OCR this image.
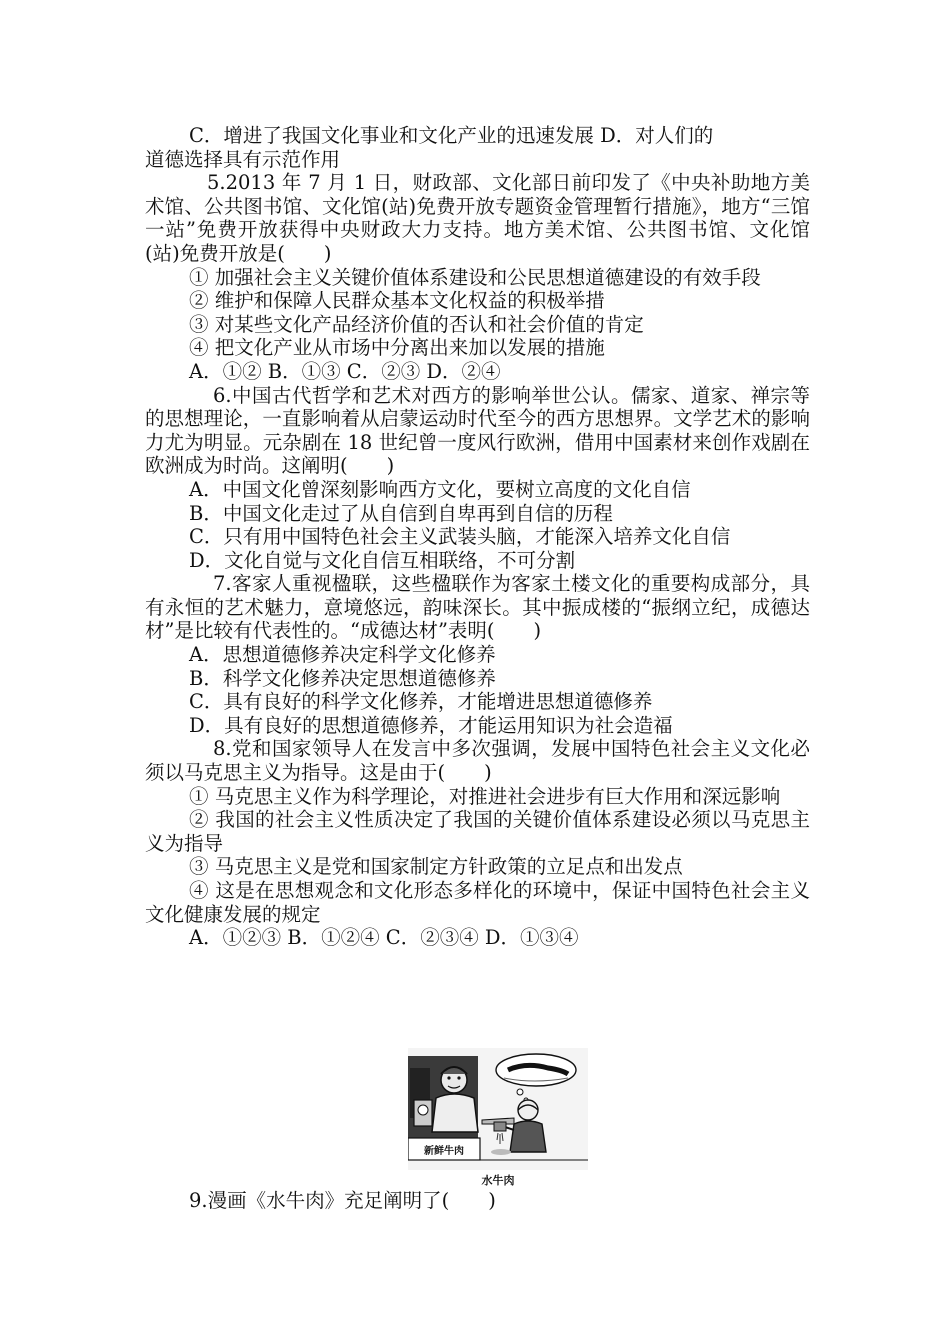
C．增进了我国文化事业和文化产业的迅速发展 D．对人们的

道德选择具有示范作用

5.2013 年 7 月 1 日，财政部、文化部日前印发了《中央补助地方美术馆、公共图书馆、文化馆(站)免费开放专题资金管理暂行措施》，地方“三馆一站”免费开放获得中央财政大力支持。地方美术馆、公共图书馆、文化馆(站)免费开放是(　　)

① 加强社会主义关键价值体系建设和公民思想道德建设的有效手段

② 维护和保障人民群众基本文化权益的积极举措

③ 对某些文化产品经济价值的否认和社会价值的肯定

④ 把文化产业从市场中分离出来加以发展的措施

A．①② B．①③ C．②③ D．②④

6.中国古代哲学和艺术对西方的影响举世公认。儒家、道家、禅宗等的思想理论，一直影响着从启蒙运动时代至今的西方思想界。文学艺术的影响力尤为明显。元杂剧在 18 世纪曾一度风行欧洲，借用中国素材来创作戏剧在欧洲成为时尚。这阐明(　　)

A．中国文化曾深刻影响西方文化，要树立高度的文化自信

B．中国文化走过了从自信到自卑再到自信的历程

C．只有用中国特色社会主义武装头脑，才能深入培养文化自信

D．文化自觉与文化自信互相联络，不可分割

7.客家人重视楹联，这些楹联作为客家土楼文化的重要构成部分，具有永恒的艺术魅力，意境悠远，韵味深长。其中振成楼的“振纲立纪，成德达材”是比较有代表性的。“成德达材”表明(　　)

A．思想道德修养决定科学文化修养

B．科学文化修养决定思想道德修养

C．具有良好的科学文化修养，才能增进思想道德修养

D．具有良好的思想道德修养，才能运用知识为社会造福

8.党和国家领导人在发言中多次强调，发展中国特色社会主义文化必须以马克思主义为指导。这是由于(　　)

① 马克思主义作为科学理论，对推进社会进步有巨大作用和深远影响

② 我国的社会主义性质决定了我国的关键价值体系建设必须以马克思主义为指导

③ 马克思主义是党和国家制定方针政策的立足点和出发点

④ 这是在思想观念和文化形态多样化的环境中，保证中国特色社会主义文化健康发展的规定

A．①②③ B．①②④ C．②③④ D．①③④

新鲜牛肉
水牛肉
9.漫画《水牛肉》充足阐明了(　　)
